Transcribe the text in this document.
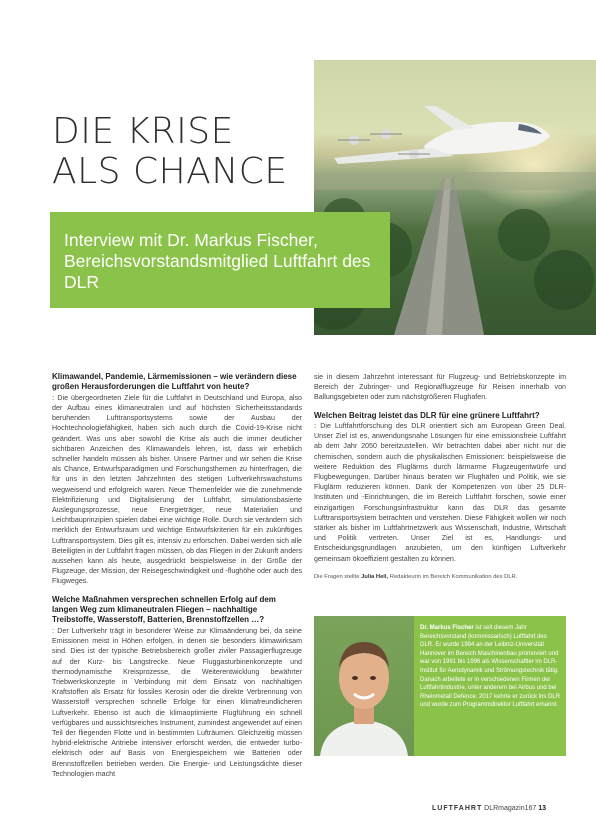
DIE KRISE
ALS CHANCE

Interview mit Dr. Markus Fischer, Bereichsvorstandsmitglied Luftfahrt des DLR

Klimawandel, Pandemie, Lärmemissionen – wie verändern diese großen Herausforderungen die Luftfahrt von heute?

: Die übergeordneten Ziele für die Luftfahrt in Deutschland und Europa, also der Aufbau eines klimaneutralen und auf höchsten Sicherheitsstandards beruhenden Lufttransportsystems sowie der Ausbau der Hochtechnologiefähigkeit, haben sich auch durch die Covid-19-Krise nicht geändert. Was uns aber sowohl die Krise als auch die immer deutlicher sichtbaren Anzeichen des Klimawandels lehren, ist, dass wir erheblich schneller handeln müssen als bisher. Unsere Partner und wir sehen die Krise als Chance, Entwurfsparadigmen und Forschungsthemen zu hinterfragen, die für uns in den letzten Jahrzehnten des stetigen Luftverkehrswachstums wegweisend und erfolgreich waren. Neue Themenfelder wie die zunehmende Elektrifizierung und Digitalisierung der Luftfahrt, simulationsbasierte Auslegungsprozesse, neue Energieträger, neue Materialien und Leichtbauprinzipien spielen dabei eine wichtige Rolle. Durch sie verändern sich merklich der Entwurfsraum und wichtige Entwurfskriterien für ein zukünftiges Lufttransportsystem. Dies gilt es, intensiv zu erforschen. Dabei werden sich alle Beteiligten in der Luftfahrt fragen müssen, ob das Fliegen in der Zukunft anders aussehen kann als heute, ausgedrückt beispielsweise in der Größe der Flugzeuge, der Mission, der Reisegeschwindigkeit und -flughöhe oder auch des Flugweges.

Welche Maßnahmen versprechen schnellen Erfolg auf dem langen Weg zum klimaneutralen Fliegen – nachhaltige Treibstoffe, Wasserstoff, Batterien, Brennstoffzellen …?

: Der Luftverkehr trägt in besonderer Weise zur Klimaänderung bei, da seine Emissionen meist in Höhen erfolgen, in denen sie besonders klimawirksam sind. Dies ist der typische Betriebsbereich großer ziviler Passagierflugzeuge auf der Kurz- bis Langstrecke. Neue Fluggasturbinenkonzepte und thermodynamische Kreisprozesse, die Weiterentwicklung bewährter Triebwerkskonzepte in Verbindung mit dem Einsatz von nachhaltigen Kraftstoffen als Ersatz für fossiles Kerosin oder die direkte Verbrennung von Wasserstoff versprechen schnelle Erfolge für einen klimafreundlicheren Luftverkehr. Ebenso ist auch die klimaoptimierte Flugführung ein schnell verfügbares und aussichtsreiches Instrument, zumindest angewendet auf einen Teil der fliegenden Flotte und in bestimmten Lufträumen. Gleichzeitig müssen hybrid-elektrische Antriebe intensiver erforscht werden, die entweder turbo-elektrisch oder auf Basis von Energiespeichern wie Batterien oder Brennstoffzellen betrieben werden. Die Energie- und Leistungsdichte dieser Technologien macht

sie in diesem Jahrzehnt interessant für Flugzeug- und Betriebskonzepte im Bereich der Zubringer- und Regionalflugzeuge für Reisen innerhalb von Ballungsgebieten oder zum nächstgrößeren Flughafen.

Welchen Beitrag leistet das DLR für eine grünere Luftfahrt?

: Die Luftfahrtforschung des DLR orientiert sich am European Green Deal. Unser Ziel ist es, anwendungsnahe Lösungen für eine emissionsfreie Luftfahrt ab dem Jahr 2050 bereitzustellen. Wir betrachten dabei aber nicht nur die chemischen, sondern auch die physikalischen Emissionen: beispielsweise die weitere Reduktion des Fluglärms durch lärmarme Flugzeugentwürfe und Flugbewegungen. Darüber hinaus beraten wir Flughäfen und Politik, wie sie Fluglärm reduzieren können. Dank der Kompetenzen von über 25 DLR-Instituten und -Einrichtungen, die im Bereich Luftfahrt forschen, sowie einer einzigartigen Forschungsinfrastruktur kann das DLR das gesamte Lufttransportsystem betrachten und verstehen. Diese Fähigkeit wollen wir noch stärker als bisher im Luftfahrtnetzwerk aus Wissenschaft, Industrie, Wirtschaft und Politik vertreten. Unser Ziel ist es, Handlungs- und Entscheidungsgrundlagen anzubieten, um den künftigen Luftverkehr gemeinsam ökoeffizient gestalten zu können.

Die Fragen stellte Julia Heil, Redakteurin im Bereich Kommunikation des DLR.
Dr. Markus Fischer ist seit diesem Jahr Bereichsvorstand (kommissarisch) Luftfahrt des DLR. Er wurde 1994 an der Leibniz-Universität Hannover im Bereich Maschinenbau promoviert und war von 1991 bis 1996 als Wissenschaftler im DLR-Institut für Aerodynamik und Strömungstechnik tätig. Danach arbeitete er in verschiedenen Firmen der Luftfahrtindustrie, unter anderem bei Airbus und bei Rheinmetall Defence. 2017 kehrte er zurück ins DLR und wurde zum Programmdirektor Luftfahrt ernannt.
LUFTFAHRT DLRmagazin167 13
